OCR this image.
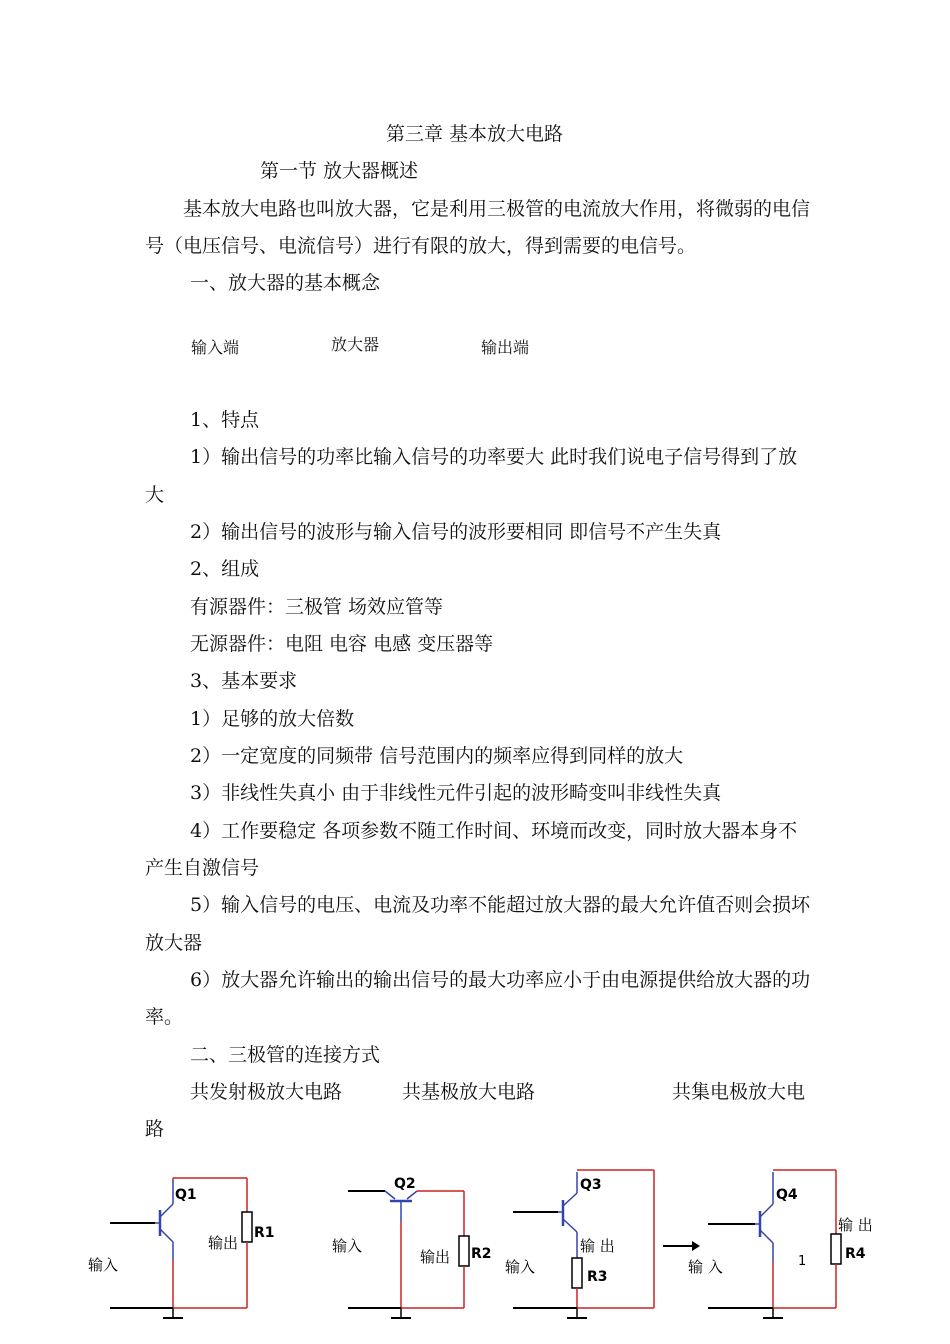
第三章 基本放大电路
第一节 放大器概述
基本放大电路也叫放大器，它是利用三极管的电流放大作用，将微弱的电信
号（电压信号、电流信号）进行有限的放大，得到需要的电信号。
一、放大器的基本概念
输入端	放大器	输出端
1、特点
1）输出信号的功率比输入信号的功率要大 此时我们说电子信号得到了放
大
2）输出信号的波形与输入信号的波形要相同 即信号不产生失真
2、组成
有源器件：三极管 场效应管等
无源器件：电阻 电容 电感 变压器等
3、基本要求
1）足够的放大倍数
2）一定宽度的同频带 信号范围内的频率应得到同样的放大
3）非线性失真小 由于非线性元件引起的波形畸变叫非线性失真
4）工作要稳定 各项参数不随工作时间、环境而改变，同时放大器本身不
产生自激信号
5）输入信号的电压、电流及功率不能超过放大器的最大允许值否则会损坏
放大器
6）放大器允许输出的输出信号的最大功率应小于由电源提供给放大器的功
率。
二、三极管的连接方式
共发射极放大电路	共基极放大电路	共集电极放大电
路
Q1
R1
输出
输入
Q2
R2
输出
输入
Q3
R3
输 出
输入
Q4
R4
输 出
输 入	1
